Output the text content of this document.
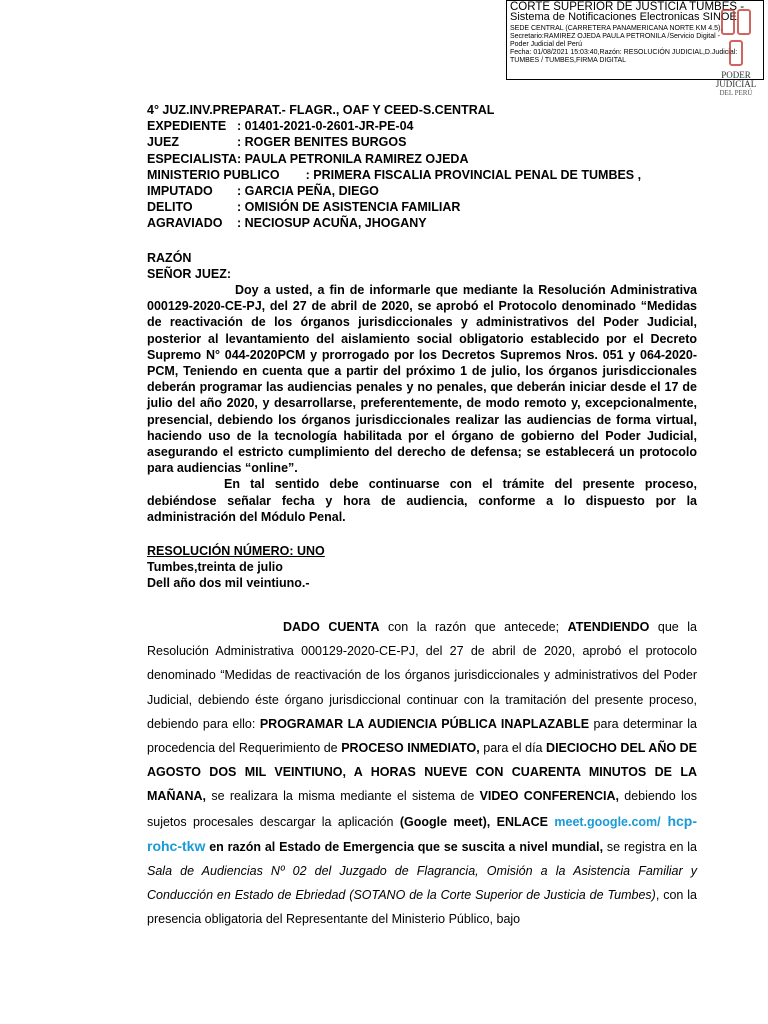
CORTE SUPERIOR DE JUSTICIA TUMBES -
Sistema de Notificaciones Electronicas SINOE
SEDE CENTRAL (CARRETERA PANAMERICANA NORTE KM 4.5),
Secretario:RAMIREZ OJEDA PAULA PETRONILA /Servicio Digital -
Poder Judicial del Perú
Fecha: 01/08/2021 15:03:40,Razón: RESOLUCIÓN JUDICIAL,D.Judicial:
TUMBES / TUMBES,FIRMA DIGITAL
PODER JUDICIAL
DEL PERÚ
4° JUZ.INV.PREPARAT.- FLAGR., OAF Y CEED-S.CENTRAL
EXPEDIENTE : 01401-2021-0-2601-JR-PE-04
JUEZ	: ROGER BENITES BURGOS
ESPECIALISTA : PAULA PETRONILA RAMIREZ OJEDA
MINISTERIO PUBLICO : PRIMERA FISCALIA PROVINCIAL PENAL DE TUMBES ,
IMPUTADO	: GARCIA PEÑA, DIEGO
DELITO	: OMISIÓN DE ASISTENCIA FAMILIAR
AGRAVIADO	: NECIOSUP ACUÑA, JHOGANY
RAZÓN
SEÑOR JUEZ:
Doy a usted, a fin de informarle que mediante la Resolución Administrativa 000129-2020-CE-PJ, del 27 de abril de 2020, se aprobó el Protocolo denominado “Medidas de reactivación de los órganos jurisdiccionales y administrativos del Poder Judicial, posterior al levantamiento del aislamiento social obligatorio establecido por el Decreto Supremo N° 044-2020PCM y prorrogado por los Decretos Supremos Nros. 051 y 064-2020-PCM, Teniendo en cuenta que a partir del próximo 1 de julio, los órganos jurisdiccionales deberán programar las audiencias penales y no penales, que deberán iniciar desde el 17 de julio del año 2020, y desarrollarse, preferentemente, de modo remoto y, excepcionalmente, presencial, debiendo los órganos jurisdiccionales realizar las audiencias de forma virtual, haciendo uso de la tecnología habilitada por el órgano de gobierno del Poder Judicial, asegurando el estricto cumplimiento del derecho de defensa; se establecerá un protocolo para audiencias “online”.
En tal sentido debe continuarse con el trámite del presente proceso, debiéndose señalar fecha y hora de audiencia, conforme a lo dispuesto por la administración del Módulo Penal.
RESOLUCIÓN NÚMERO: UNO
Tumbes,treinta de julio
Dell año dos mil veintiuno.-
DADO CUENTA con la razón que antecede; ATENDIENDO que la Resolución Administrativa 000129-2020-CE-PJ, del 27 de abril de 2020, aprobó el protocolo denominado “Medidas de reactivación de los órganos jurisdiccionales y administrativos del Poder Judicial, debiendo éste órgano jurisdiccional continuar con la tramitación del presente proceso, debiendo para ello: PROGRAMAR LA AUDIENCIA PÚBLICA INAPLAZABLE para determinar la procedencia del Requerimiento de PROCESO INMEDIATO, para el día DIECIOCHO DEL AÑO DE AGOSTO DOS MIL VEINTIUNO, A HORAS NUEVE CON CUARENTA MINUTOS DE LA MAÑANA, se realizara la misma mediante el sistema de VIDEO CONFERENCIA, debiendo los sujetos procesales descargar la aplicación (Google meet), ENLACE meet.google.com/ hcp-rohc-tkw en razón al Estado de Emergencia que se suscita a nivel mundial, se registra en la Sala de Audiencias Nº 02 del Juzgado de Flagrancia, Omisión a la Asistencia Familiar y Conducción en Estado de Ebriedad (SOTANO de la Corte Superior de Justicia de Tumbes), con la presencia obligatoria del Representante del Ministerio Público, bajo
